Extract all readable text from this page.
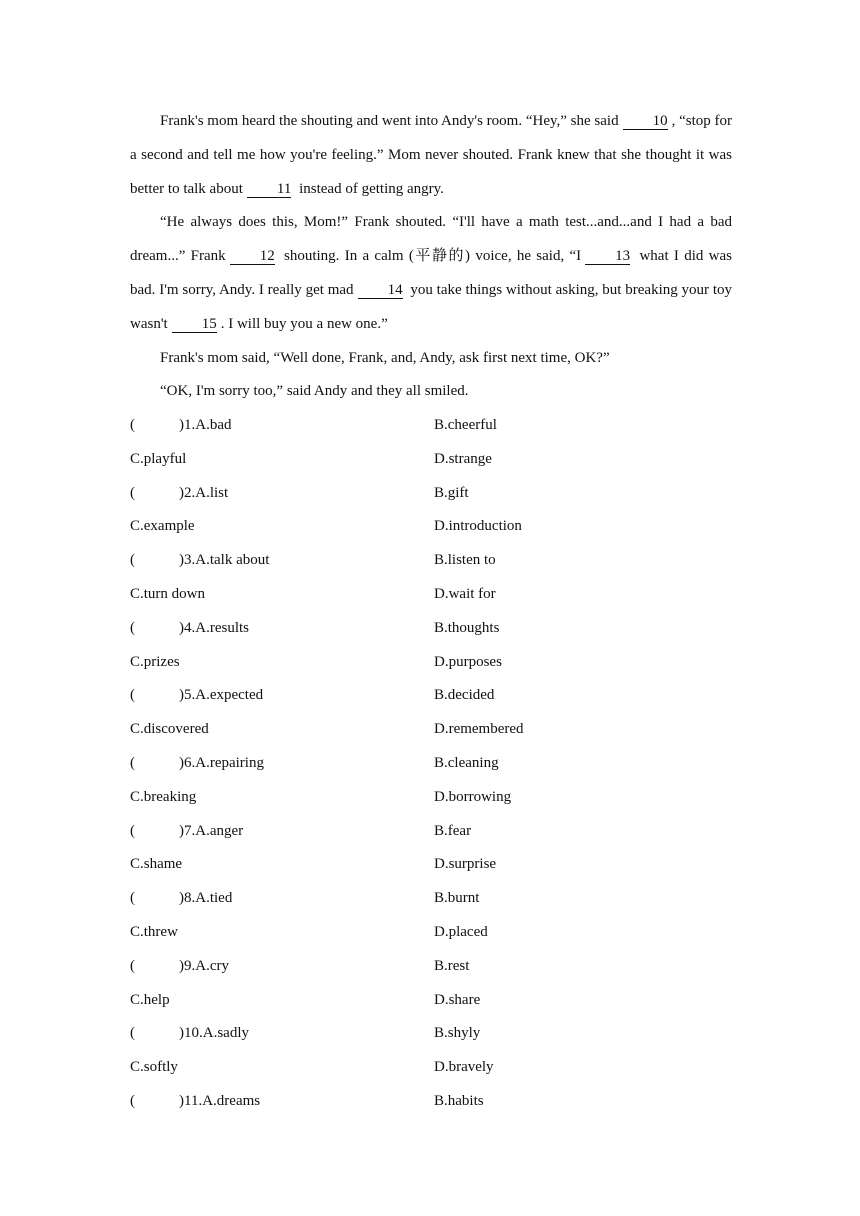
Frank's mom heard the shouting and went into Andy's room. “Hey,” she said 10 , “stop for a second and tell me how you're feeling.” Mom never shouted. Frank knew that she thought it was better to talk about 11 instead of getting angry.

“He always does this, Mom!” Frank shouted. “I'll have a math test...and...and I had a bad dream...” Frank 12 shouting. In a calm (平静的) voice, he said, “I 13 what I did was bad. I'm sorry, Andy. I really get mad 14 you take things without asking, but breaking your toy wasn't 15 . I will buy you a new one.”

Frank's mom said, “Well done, Frank, and, Andy, ask first next time, OK?”

“OK, I'm sorry too,” said Andy and they all smiled.

(	)1.A.bad	B.cheerful
C.playful	D.strange
(	)2.A.list	B.gift
C.example	D.introduction
(	)3.A.talk about	B.listen to
C.turn down	D.wait for
(	)4.A.results	B.thoughts
C.prizes	D.purposes
(	)5.A.expected	B.decided
C.discovered	D.remembered
(	)6.A.repairing	B.cleaning
C.breaking	D.borrowing
(	)7.A.anger	B.fear
C.shame	D.surprise
(	)8.A.tied	B.burnt
C.threw	D.placed
(	)9.A.cry	B.rest
C.help	D.share
(	)10.A.sadly	B.shyly
C.softly	D.bravely
(	)11.A.dreams	B.habits
